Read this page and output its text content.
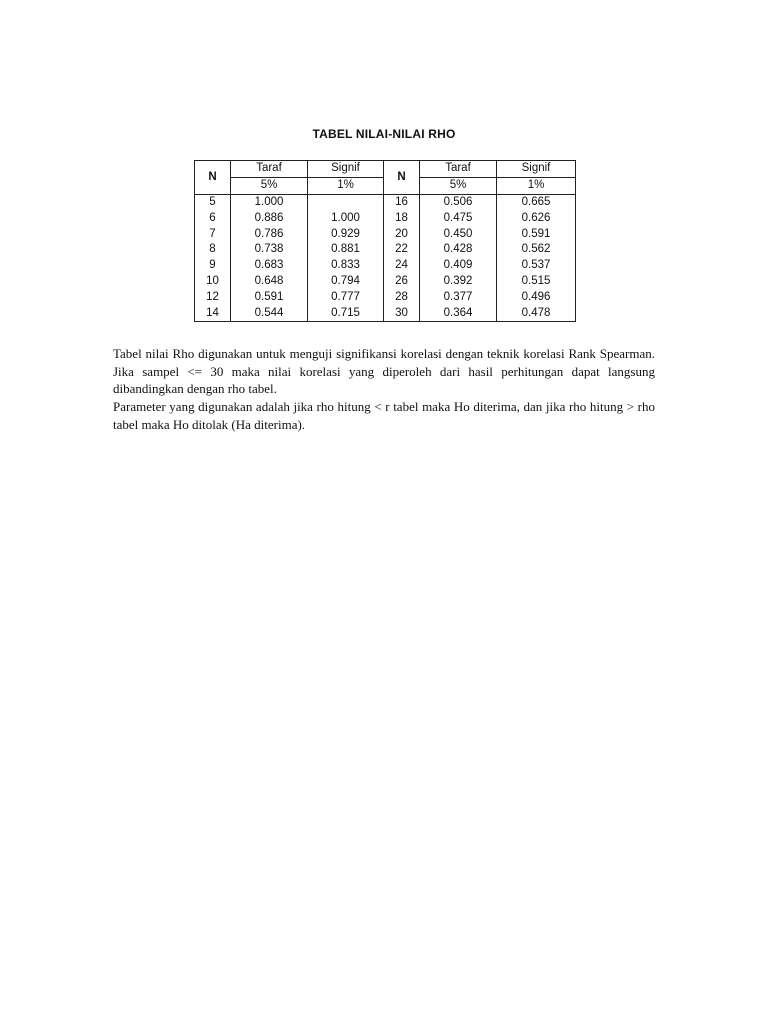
TABEL NILAI-NILAI RHO
N	Taraf	Signif	N	Taraf	Signif
	5%	1%		5%	1%
5	1.000		16	0.506	0.665
6	0.886	1.000	18	0.475	0.626
7	0.786	0.929	20	0.450	0.591
8	0.738	0.881	22	0.428	0.562
9	0.683	0.833	24	0.409	0.537
10	0.648	0.794	26	0.392	0.515
12	0.591	0.777	28	0.377	0.496
14	0.544	0.715	30	0.364	0.478

Tabel nilai Rho digunakan untuk menguji signifikansi korelasi dengan teknik korelasi Rank Spearman. Jika sampel <= 30 maka nilai korelasi yang diperoleh dari hasil perhitungan dapat langsung dibandingkan dengan rho tabel.

Parameter yang digunakan adalah jika rho hitung < r tabel maka Ho diterima, dan jika rho hitung > rho tabel maka Ho ditolak (Ha diterima).
